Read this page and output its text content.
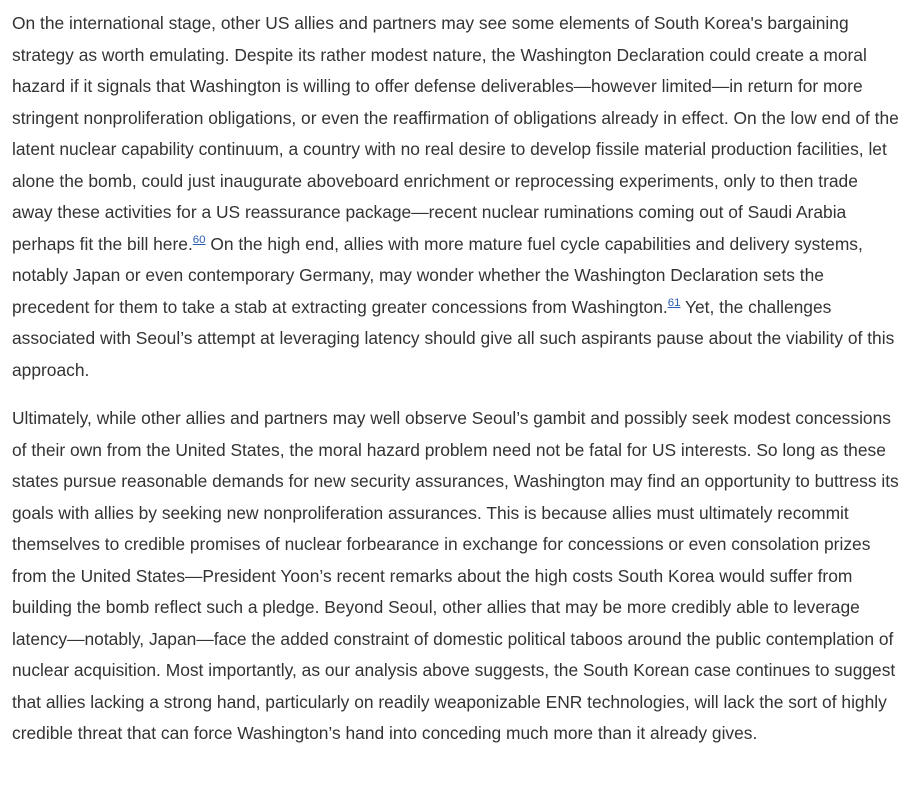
On the international stage, other US allies and partners may see some elements of South Korea's bargaining strategy as worth emulating. Despite its rather modest nature, the Washington Declaration could create a moral hazard if it signals that Washington is willing to offer defense deliverables—however limited—in return for more stringent nonproliferation obligations, or even the reaffirmation of obligations already in effect. On the low end of the latent nuclear capability continuum, a country with no real desire to develop fissile material production facilities, let alone the bomb, could just inaugurate aboveboard enrichment or reprocessing experiments, only to then trade away these activities for a US reassurance package—recent nuclear ruminations coming out of Saudi Arabia perhaps fit the bill here.$^{60}$ On the high end, allies with more mature fuel cycle capabilities and delivery systems, notably Japan or even contemporary Germany, may wonder whether the Washington Declaration sets the precedent for them to take a stab at extracting greater concessions from Washington.$^{61}$ Yet, the challenges associated with Seoul’s attempt at leveraging latency should give all such aspirants pause about the viability of this approach.

Ultimately, while other allies and partners may well observe Seoul’s gambit and possibly seek modest concessions of their own from the United States, the moral hazard problem need not be fatal for US interests. So long as these states pursue reasonable demands for new security assurances, Washington may find an opportunity to buttress its goals with allies by seeking new nonproliferation assurances. This is because allies must ultimately recommit themselves to credible promises of nuclear forbearance in exchange for concessions or even consolation prizes from the United States—President Yoon’s recent remarks about the high costs South Korea would suffer from building the bomb reflect such a pledge. Beyond Seoul, other allies that may be more credibly able to leverage latency—notably, Japan—face the added constraint of domestic political taboos around the public contemplation of nuclear acquisition. Most importantly, as our analysis above suggests, the South Korean case continues to suggest that allies lacking a strong hand, particularly on readily weaponizable ENR technologies, will lack the sort of highly credible threat that can force Washington’s hand into conceding much more than it already gives.
